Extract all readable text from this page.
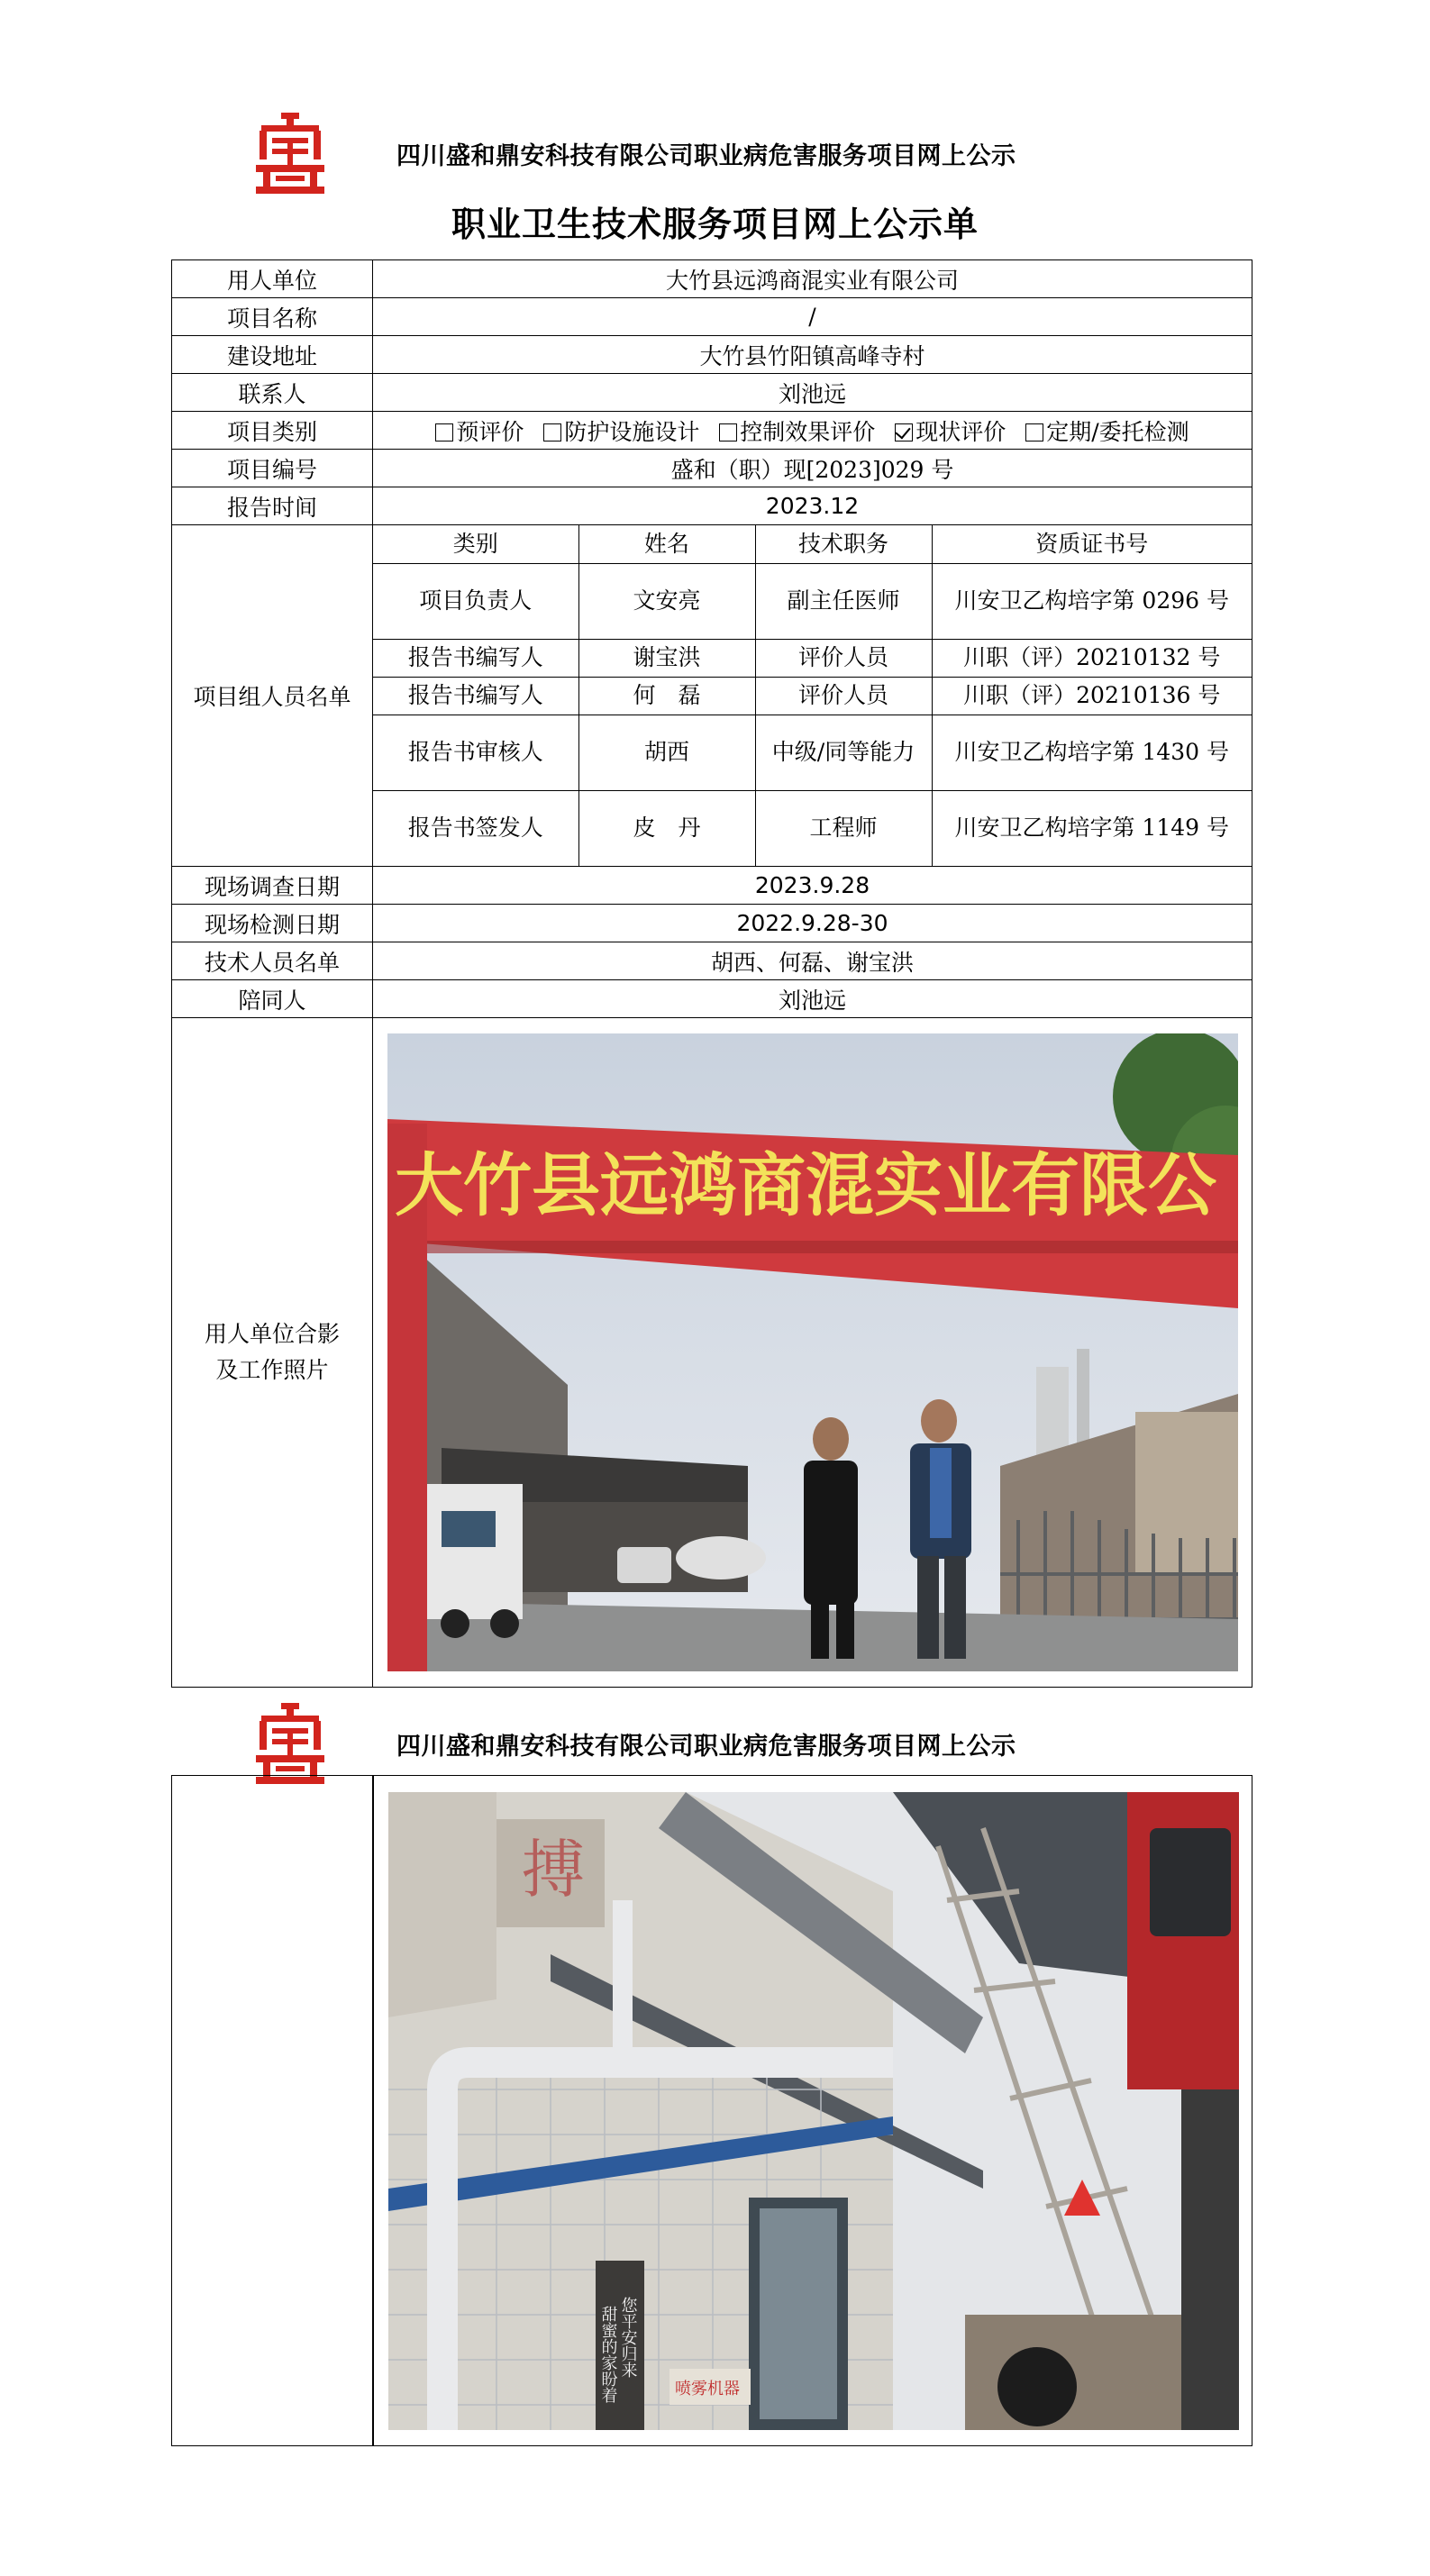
四川盛和鼎安科技有限公司职业病危害服务项目网上公示
职业卫生技术服务项目网上公示单
用人单位	大竹县远鸿商混实业有限公司
项目名称	/
建设地址	大竹县竹阳镇高峰寺村
联系人	刘池远
项目类别	预评价 防护设施设计 控制效果评价 现状评价 定期/委托检测
项目编号	盛和（职）现[2023]029 号
报告时间	2023.12
项目组人员名单	
类别	姓名	技术职务	资质证书号
项目负责人	文安亮	副主任医师	川安卫乙构培字第 0296 号
报告书编写人	谢宝洪	评价人员	川职（评）20210132 号
报告书编写人	何　磊	评价人员	川职（评）20210136 号
报告书审核人	胡西	中级/同等能力	川安卫乙构培字第 1430 号
报告书签发人	皮　丹	工程师	川安卫乙构培字第 1149 号

现场调查日期	2023.9.28
现场检测日期	2022.9.28-30
技术人员名单	胡西、何磊、谢宝洪
陪同人	刘池远

用人单位合影
及工作照片

大竹县远鸿商混实业有限公
四川盛和鼎安科技有限公司职业病危害服务项目网上公示
搏
甜蜜的家盼着 您平安归来
喷雾机器
